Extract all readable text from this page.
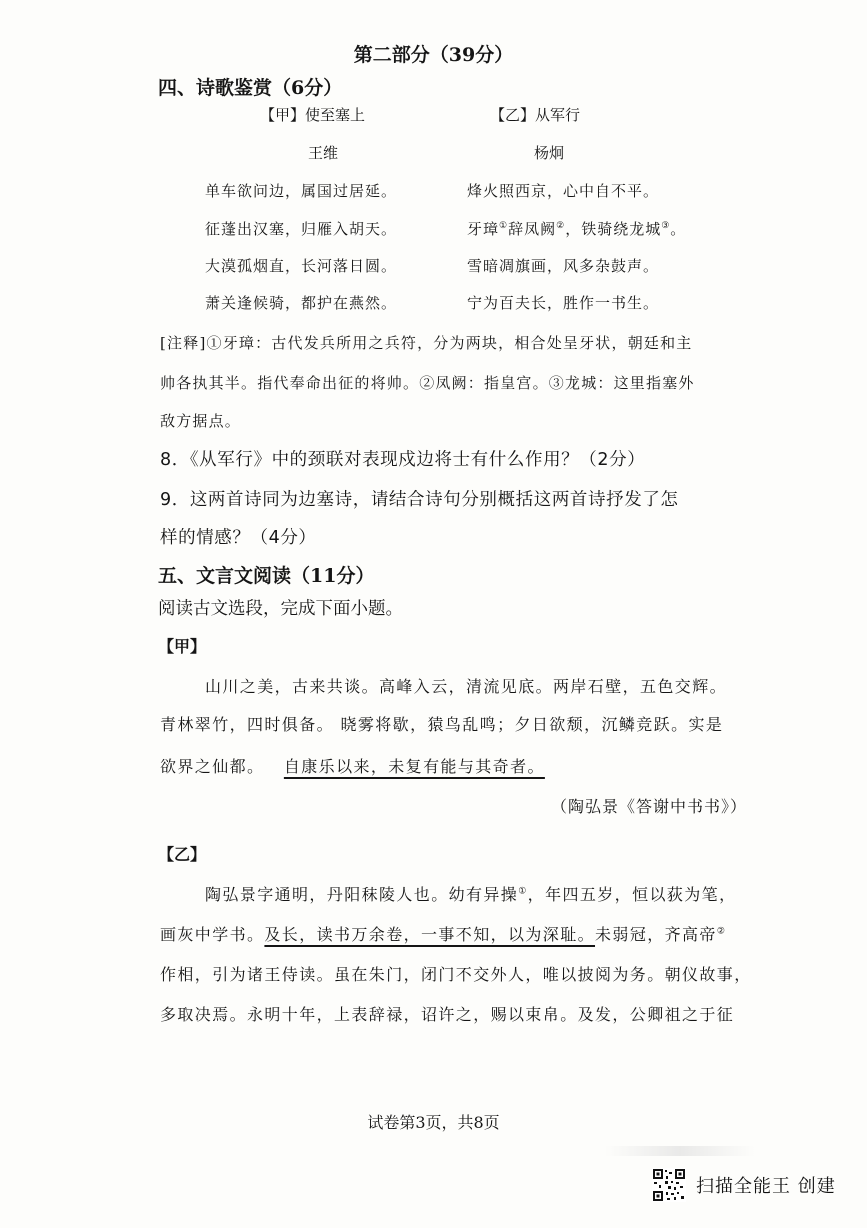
第二部分（39分）
四、诗歌鉴赏（6分）
【甲】使至塞上
王维
单车欲问边，属国过居延。
征蓬出汉塞，归雁入胡天。
大漠孤烟直，长河落日圆。
萧关逢候骑，都护在燕然。
【乙】从军行
杨炯
烽火照西京，心中自不平。
牙璋①辞凤阙②，铁骑绕龙城③。
雪暗凋旗画，风多杂鼓声。
宁为百夫长，胜作一书生。
[注释]①牙璋：古代发兵所用之兵符，分为两块，相合处呈牙状，朝廷和主
帅各执其半。指代奉命出征的将帅。②凤阙：指皇宫。③龙城：这里指塞外
敌方据点。
8．《从军行》中的颈联对表现戍边将士有什么作用？（2分）
9．这两首诗同为边塞诗，请结合诗句分别概括这两首诗抒发了怎
样的情感？（4分）
五、文言文阅读（11分）
阅读古文选段，完成下面小题。
【甲】
山川之美，古来共谈。高峰入云，清流见底。两岸石壁，五色交辉。
青林翠竹，四时俱备。 晓雾将歇，猿鸟乱鸣；夕日欲颓，沉鳞竞跃。实是
欲界之仙都。 自康乐以来，未复有能与其奇者。
（陶弘景《答谢中书书》）
【乙】
陶弘景字通明，丹阳秣陵人也。幼有异操①，年四五岁，恒以荻为笔，
画灰中学书。及长，读书万余卷，一事不知，以为深耻。未弱冠，齐高帝②
作相，引为诸王侍读。虽在朱门，闭门不交外人，唯以披阅为务。朝仪故事，
多取决焉。永明十年，上表辞禄，诏许之，赐以束帛。及发，公卿祖之于征
试卷第3页，共8页
扫描全能王 创建
